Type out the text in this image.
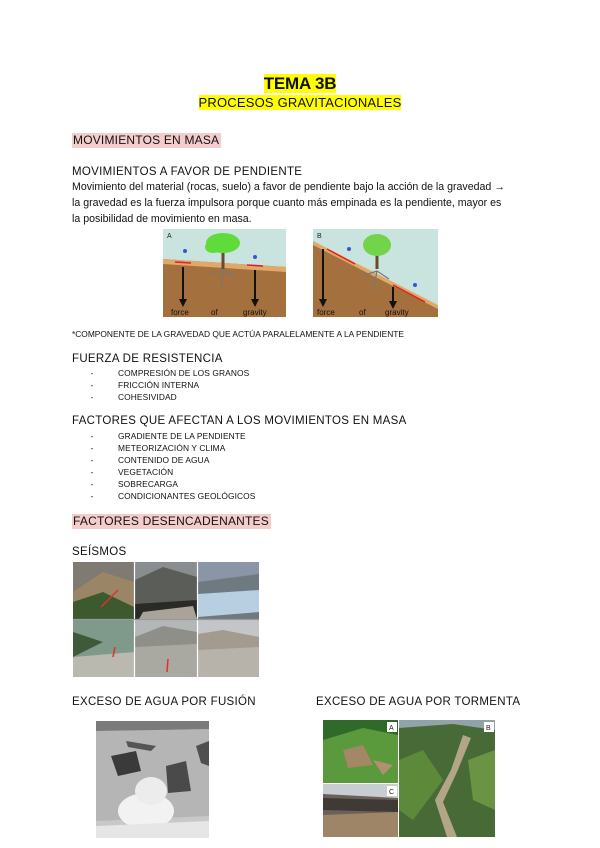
TEMA 3B
PROCESOS GRAVITACIONALES
MOVIMIENTOS EN MASA
MOVIMIENTOS A FAVOR DE PENDIENTE
Movimiento del material (rocas, suelo) a favor de pendiente bajo la acción de la gravedad →
la gravedad es la fuerza impulsora porque cuanto más empinada es la pendiente, mayor es
la posibilidad de movimiento en masa.
A
force	of	gravity
B
force	of gravity
*COMPONENTE DE LA GRAVEDAD QUE ACTÚA PARALELAMENTE A LA PENDIENTE
FUERZA DE RESISTENCIA
-	COMPRESIÓN DE LOS GRANOS
-	FRICCIÓN INTERNA
-	COHESIVIDAD
FACTORES QUE AFECTAN A LOS MOVIMIENTOS EN MASA
-	GRADIENTE DE LA PENDIENTE
-	METEORIZACIÓN Y CLIMA
-	CONTENIDO DE AGUA
-	VEGETACIÓN
-	SOBRECARGA
-	CONDICIONANTES GEOLÓGICOS
FACTORES DESENCADENANTES
SEÍSMOS
EXCESO DE AGUA POR FUSIÓN	EXCESO DE AGUA POR TORMENTA
A	B
C
